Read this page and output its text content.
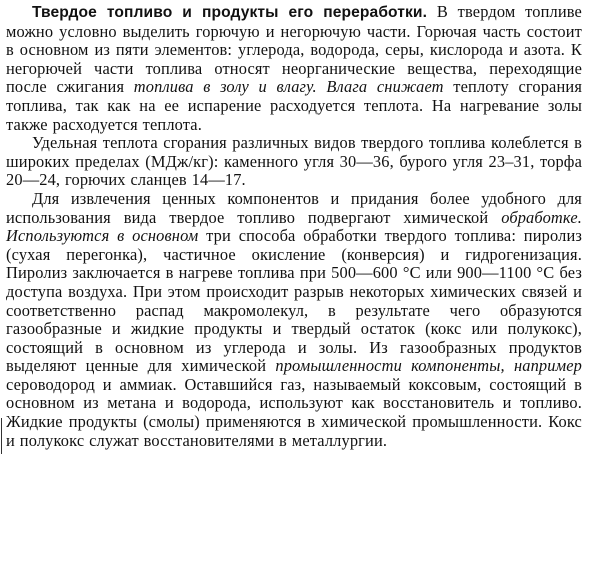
Твердое топливо и продукты его переработки. В твердом топливе можно условно выделить горючую и негорючую части. Горючая часть состоит в основном из пяти элементов: углерода, водорода, серы, кислорода и азота. К негорючей части топлива относят неорганические вещества, переходящие после сжигания топлива в золу и влагу. Влага снижает теплоту сгорания топлива, так как на ее испарение расходуется теплота. На нагревание золы также расходуется теплота.

Удельная теплота сгорания различных видов твердого топлива колеблется в широких пределах (МДж/кг): каменного угля 30—36, бурого угля 23–31, торфа 20—24, горючих сланцев 14—17.

Для извлечения ценных компонентов и придания более удобного для использования вида твердое топливо подвергают химической обработке. Используются в основном три способа обработки твердого топлива: пиролиз (сухая перегонка), частичное окисление (конверсия) и гидрогенизация. Пиролиз заключается в нагреве топлива при 500—600 °С или 900—1100 °С без доступа воздуха. При этом происходит разрыв некоторых химических связей и соответственно распад макромолекул, в результате чего образуются газообразные и жидкие продукты и твердый остаток (кокс или полукокс), состоящий в основном из углерода и золы. Из газообразных продуктов выделяют ценные для химической промышленности компоненты, например сероводород и аммиак. Оставшийся газ, называемый коксовым, состоящий в основном из метана и водорода, используют как восстановитель и топливо. Жидкие продукты (смолы) применяются в химической промышленности. Кокс и полукокс служат восстановителями в металлургии.
